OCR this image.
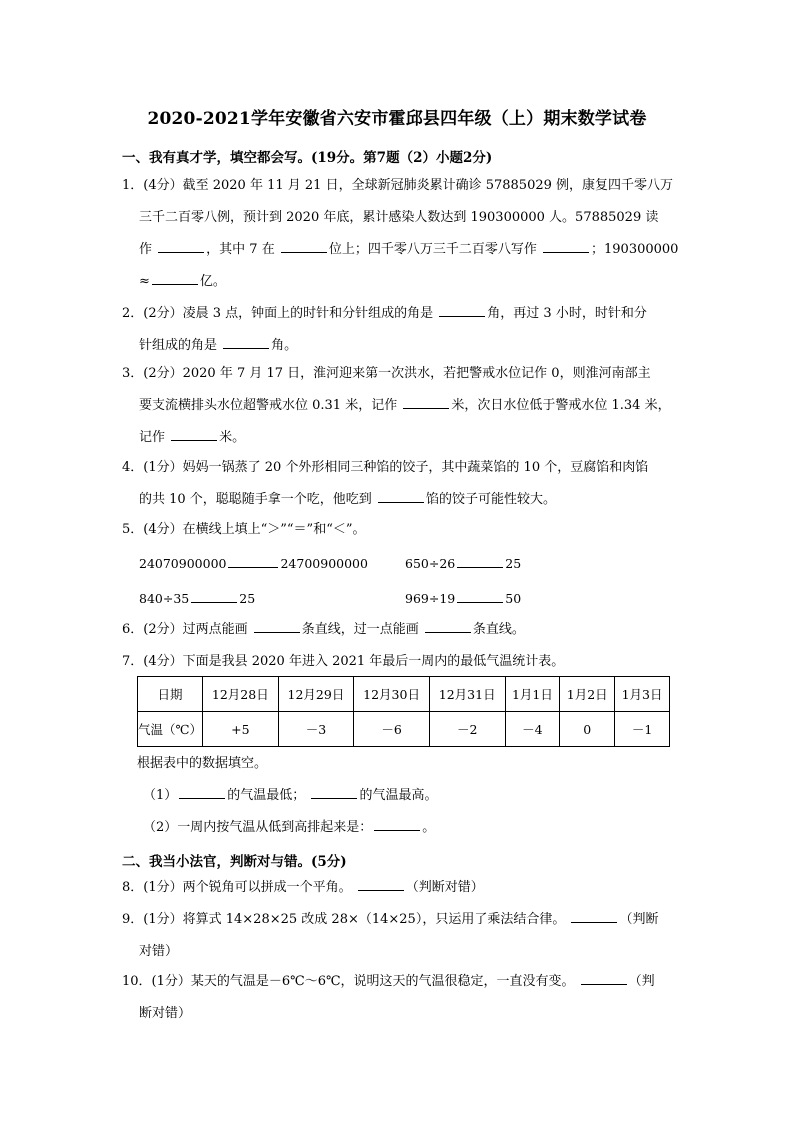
2020-2021学年安徽省六安市霍邱县四年级（上）期末数学试卷
一、我有真才学，填空都会写。(19分。第7题（2）小题2分)
1．(4分）截至 2020 年 11 月 21 日，全球新冠肺炎累计确诊 57885029 例，康复四千零八万
三千二百零八例，预计到 2020 年底，累计感染人数达到 190300000 人。57885029 读
作	，其中 7 在	位上；四千零八万三千二百零八写作	；190300000
≈	亿。
2．(2分）凌晨 3 点，钟面上的时针和分针组成的角是	角，再过 3 小时，时针和分
针组成的角是	角。
3．(2分）2020 年 7 月 17 日，淮河迎来第一次洪水，若把警戒水位记作 0，则淮河南部主
要支流横排头水位超警戒水位 0.31 米，记作	米，次日水位低于警戒水位 1.34 米，
记作	米。
4．(1分）妈妈一锅蒸了 20 个外形相同三种馅的饺子，其中蔬菜馅的 10 个，豆腐馅和肉馅
的共 10 个，聪聪随手拿一个吃，他吃到	馅的饺子可能性较大。
5．(4分）在横线上填上“＞”“＝”和“＜”。
24070900000	24700900000	650÷26	25
840÷35	25	969÷19	50
6．(2分）过两点能画	条直线，过一点能画	条直线。
7．(4分）下面是我县 2020 年进入 2021 年最后一周内的最低气温统计表。
日期	12月28日	12月29日	12月30日	12月31日	1月1日	1月2日	1月3日
气温（℃）	+5	－3	－6	－2	－4	0	－1
根据表中的数据填空。
（1）	的气温最低；	的气温最高。
（2）一周内按气温从低到高排起来是：	。
二、我当小法官，判断对与错。(5分)
8．(1分）两个锐角可以拼成一个平角。	（判断对错）
9．(1分）将算式 14×28×25 改成 28×（14×25），只运用了乘法结合律。	（判断
对错）
10．(1分）某天的气温是－6℃～6℃，说明这天的气温很稳定，一直没有变。	（判
断对错）
